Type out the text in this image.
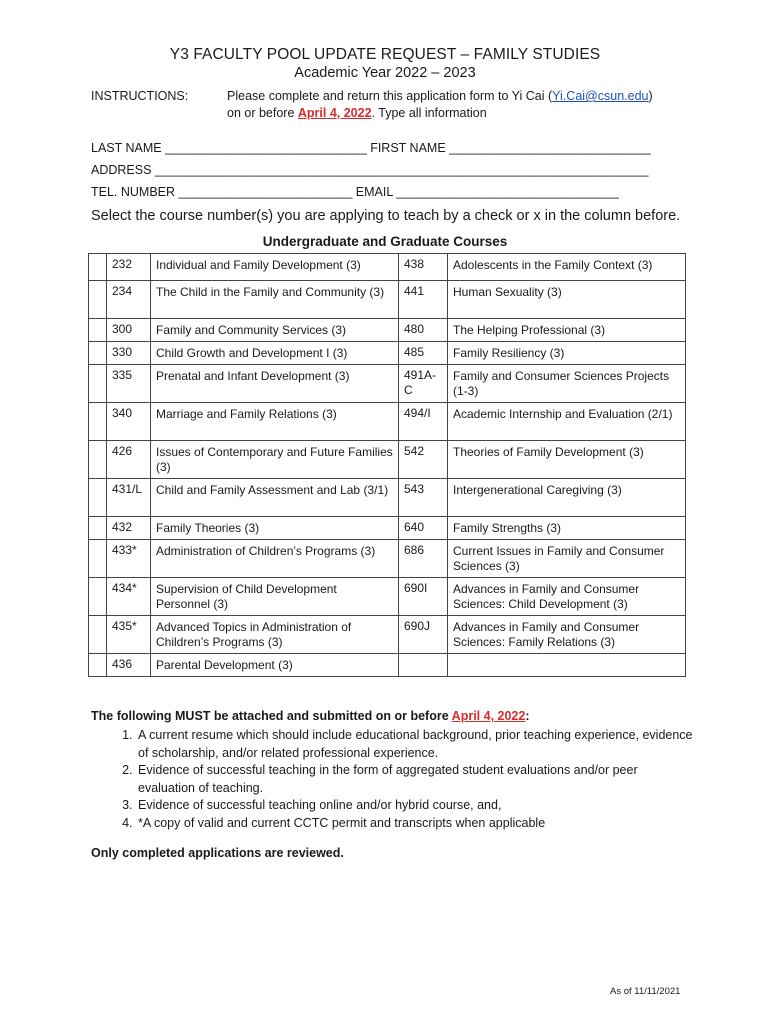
Y3 FACULTY POOL UPDATE REQUEST – FAMILY STUDIES
Academic Year 2022 – 2023
INSTRUCTIONS:	Please complete and return this application form to Yi Cai (Yi.Cai@csun.edu)
on or before April 4, 2022. Type all information
LAST NAME _____________________________ FIRST NAME _____________________________
ADDRESS _______________________________________________________________________
TEL. NUMBER _________________________ EMAIL ________________________________
Select the course number(s) you are applying to teach by a check or x in the column before.
Undergraduate and Graduate Courses
	232	Individual and Family Development (3)	438	Adolescents in the Family Context (3)
	234	The Child in the Family and Community (3)	441	Human Sexuality (3)
	300	Family and Community Services (3)	480	The Helping Professional (3)
	330	Child Growth and Development I (3)	485	Family Resiliency (3)
	335	Prenatal and Infant Development (3)	491A-C	Family and Consumer Sciences Projects (1-3)
	340	Marriage and Family Relations (3)	494/I	Academic Internship and Evaluation (2/1)
	426	Issues of Contemporary and Future Families (3)	542	Theories of Family Development (3)
	431/L	Child and Family Assessment and Lab (3/1)	543	Intergenerational Caregiving (3)
	432	Family Theories (3)	640	Family Strengths (3)
	433*	Administration of Children’s Programs (3)	686	Current Issues in Family and Consumer Sciences (3)
	434*	Supervision of Child Development Personnel (3)	690I	Advances in Family and Consumer Sciences: Child Development (3)
	435*	Advanced Topics in Administration of Children’s Programs (3)	690J	Advances in Family and Consumer Sciences: Family Relations (3)
	436	Parental Development (3)		
The following MUST be attached and submitted on or before April 4, 2022:
1. A current resume which should include educational background, prior teaching experience, evidence of scholarship, and/or related professional experience.
2. Evidence of successful teaching in the form of aggregated student evaluations and/or peer evaluation of teaching.
3. Evidence of successful teaching online and/or hybrid course, and,
4. *A copy of valid and current CCTC permit and transcripts when applicable
Only completed applications are reviewed.
As of 11/11/2021
